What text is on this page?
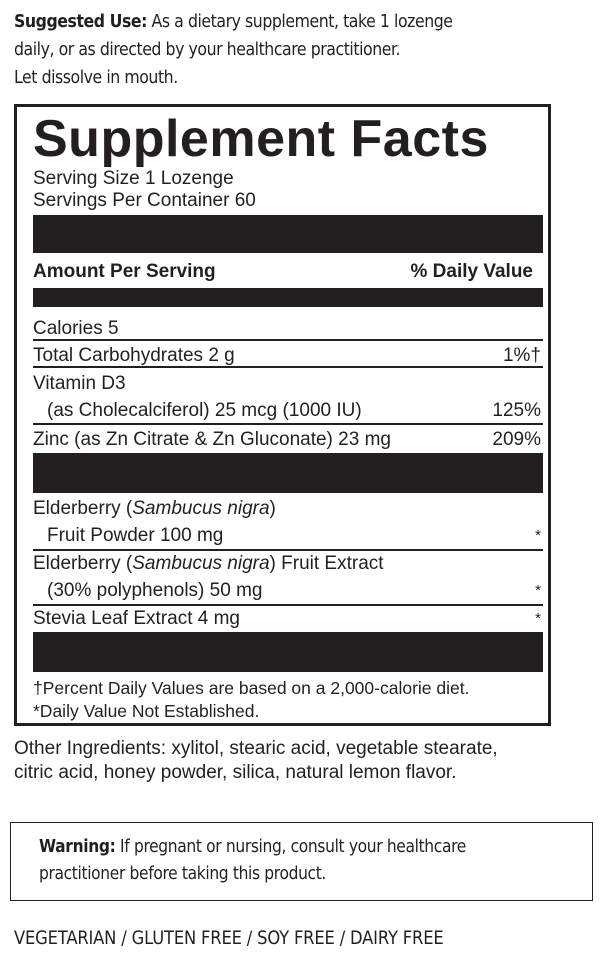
Suggested Use: As a dietary supplement, take 1 lozenge
daily, or as directed by your healthcare practitioner.
Let dissolve in mouth.
Supplement Facts
Serving Size 1 Lozenge
Servings Per Container 60
Amount Per Serving	% Daily Value
Calories 5
Total Carbohydrates 2 g	1%†
Vitamin D3
(as Cholecalciferol) 25 mcg (1000 IU)	125%
Zinc (as Zn Citrate & Zn Gluconate) 23 mg	209%
Elderberry (Sambucus nigra)
Fruit Powder 100 mg	*
Elderberry (Sambucus nigra) Fruit Extract
(30% polyphenols) 50 mg	*
Stevia Leaf Extract 4 mg	*
†Percent Daily Values are based on a 2,000-calorie diet.
*Daily Value Not Established.
Other Ingredients: xylitol, stearic acid, vegetable stearate,
citric acid, honey powder, silica, natural lemon flavor.

Warning: If pregnant or nursing, consult your healthcare
practitioner before taking this product.

VEGETARIAN / GLUTEN FREE / SOY FREE / DAIRY FREE
